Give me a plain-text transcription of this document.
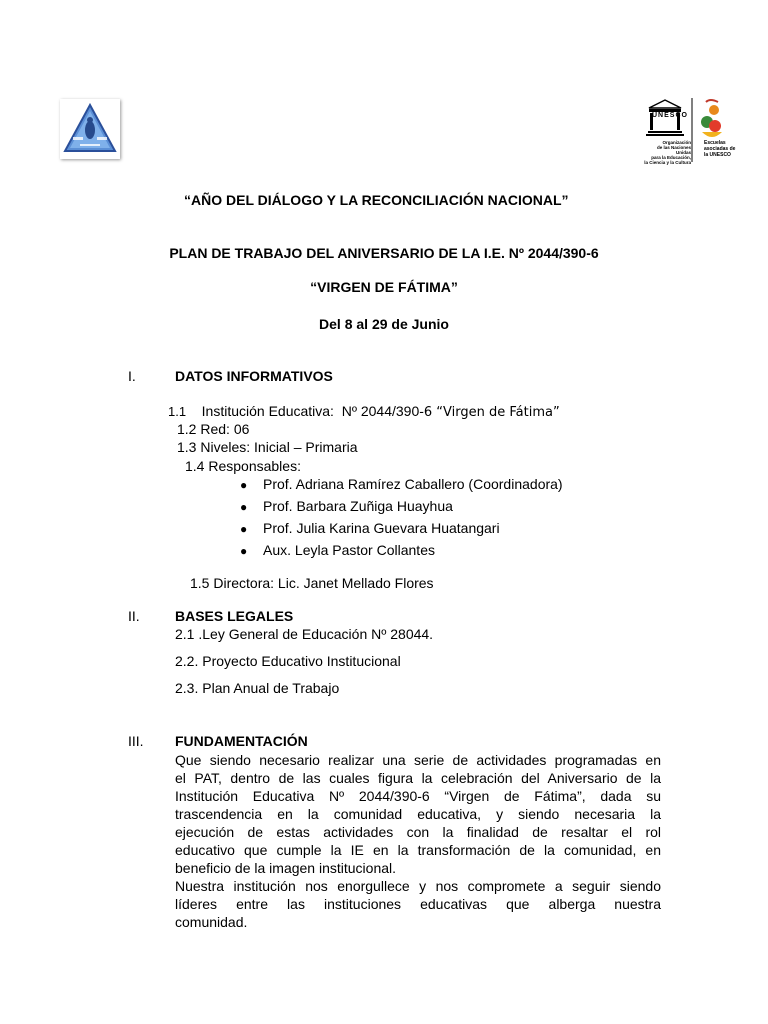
UNESCO
Organización
de las Naciones Unidas
para la Educación,
la Ciencia y la Cultura
Escuelas
asociadas de
la UNESCO
“AÑO DEL DIÁLOGO Y LA RECONCILIACIÓN NACIONAL”
PLAN DE TRABAJO DEL ANIVERSARIO DE LA I.E. Nº 2044/390-6
“VIRGEN DE FÁTIMA”
Del 8 al 29 de Junio
I.	DATOS INFORMATIVOS
1.1 Institución Educativa: Nº 2044/390-6 “Virgen de Fátima”
1.2 Red: 06
1.3 Niveles: Inicial – Primaria
1.4 Responsables:
● Prof. Adriana Ramírez Caballero (Coordinadora)
● Prof. Barbara Zuñiga Huayhua
● Prof. Julia Karina Guevara Huatangari
● Aux. Leyla Pastor Collantes
1.5 Directora: Lic. Janet Mellado Flores
II.	BASES LEGALES
2.1 .Ley General de Educación Nº 28044.
2.2. Proyecto Educativo Institucional
2.3. Plan Anual de Trabajo
III. FUNDAMENTACIÓN
Que siendo necesario realizar una serie de actividades programadas en
el PAT, dentro de las cuales figura la celebración del Aniversario de la
Institución Educativa Nº 2044/390-6 “Virgen de Fátima”, dada su
trascendencia en la comunidad educativa, y siendo necesaria la
ejecución de estas actividades con la finalidad de resaltar el rol
educativo que cumple la IE en la transformación de la comunidad, en
beneficio de la imagen institucional.
Nuestra institución nos enorgullece y nos compromete a seguir siendo
líderes entre las instituciones educativas que alberga nuestra
comunidad.
